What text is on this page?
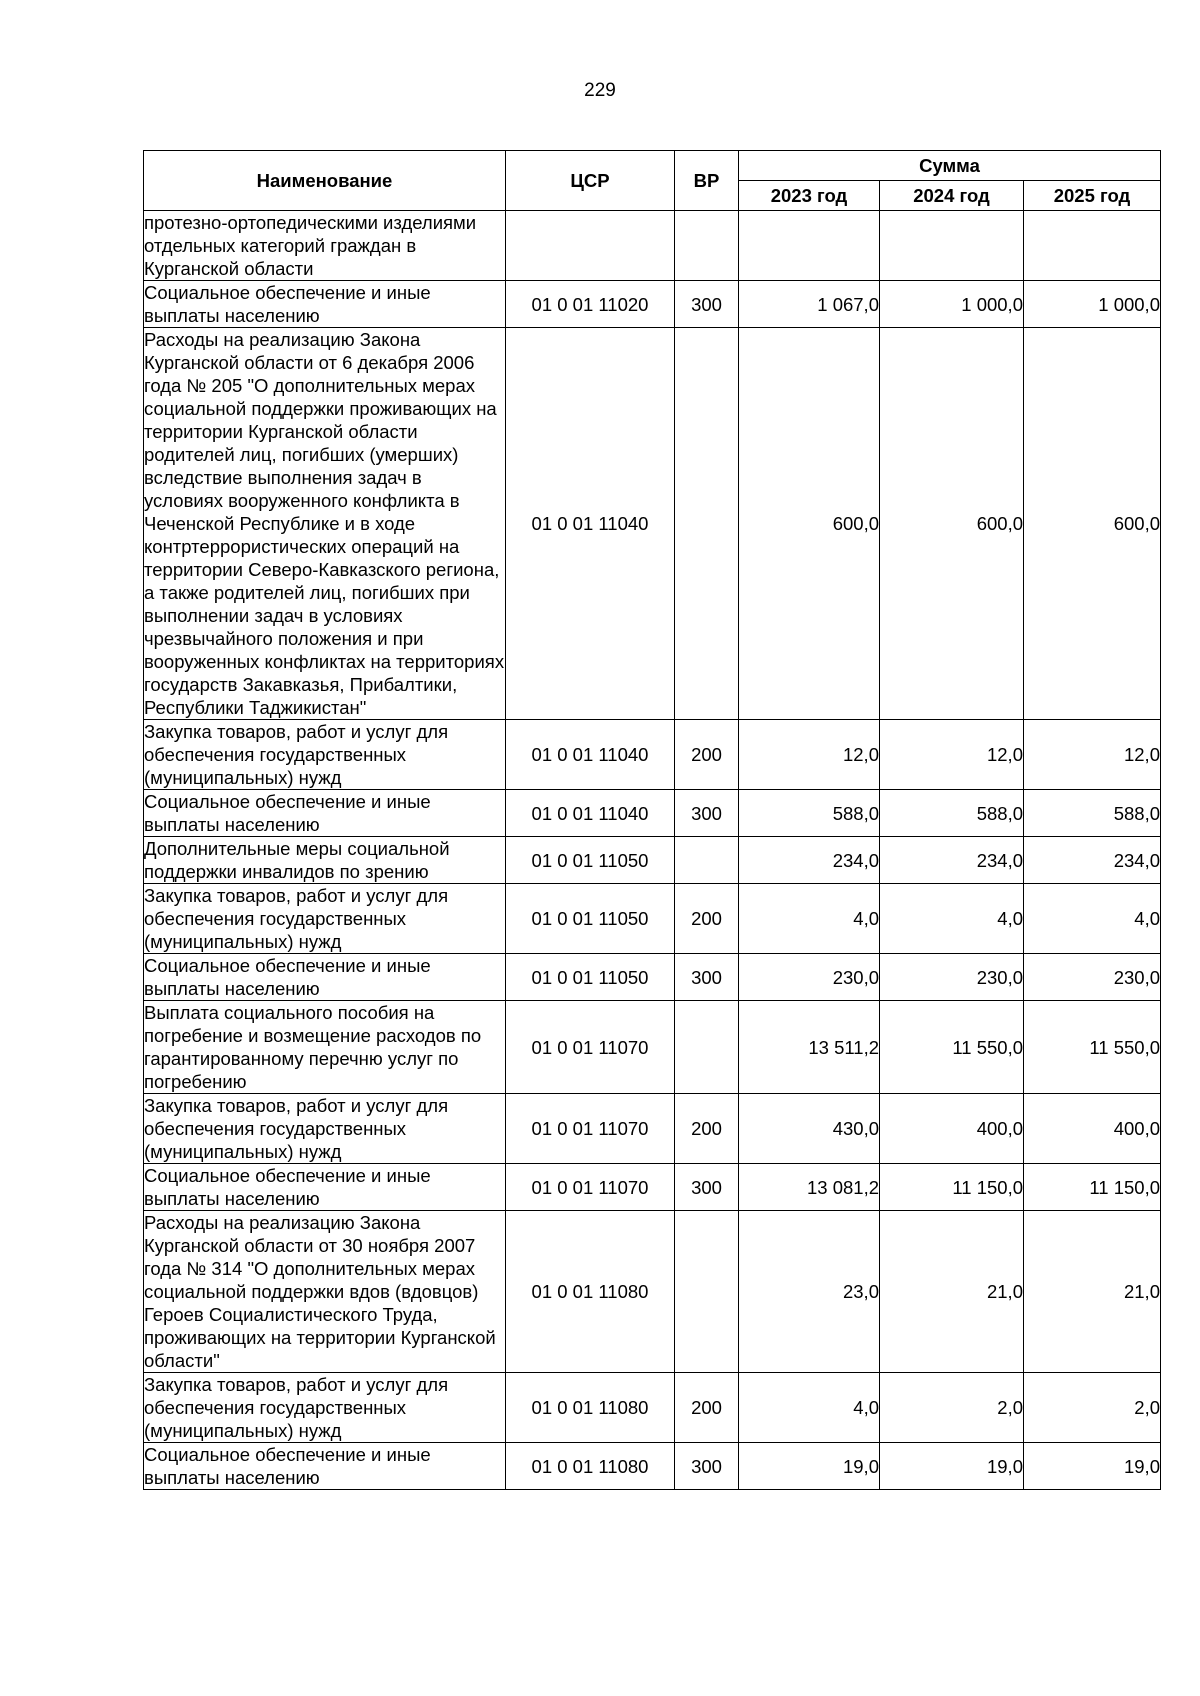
229
Наименование	ЦСР	ВР	Сумма		
			2023 год	2024 год	2025 год
протезно-ортопедическими изделиями отдельных категорий граждан в Курганской области					
Социальное обеспечение и иные выплаты населению	01 0 01 11020	300	1 067,0	1 000,0	1 000,0
Расходы на реализацию Закона Курганской области от 6 декабря 2006 года № 205 "О дополнительных мерах социальной поддержки проживающих на территории Курганской области родителей лиц, погибших (умерших) вследствие выполнения задач в условиях вооруженного конфликта в Чеченской Республике и в ходе контртеррористических операций на территории Северо-Кавказского региона, а также родителей лиц, погибших при выполнении задач в условиях чрезвычайного положения и при вооруженных конфликтах на территориях государств Закавказья, Прибалтики, Республики Таджикистан"	01 0 01 11040		600,0	600,0	600,0
Закупка товаров, работ и услуг для обеспечения государственных (муниципальных) нужд	01 0 01 11040	200	12,0	12,0	12,0
Социальное обеспечение и иные выплаты населению	01 0 01 11040	300	588,0	588,0	588,0
Дополнительные меры социальной поддержки инвалидов по зрению	01 0 01 11050		234,0	234,0	234,0
Закупка товаров, работ и услуг для обеспечения государственных (муниципальных) нужд	01 0 01 11050	200	4,0	4,0	4,0
Социальное обеспечение и иные выплаты населению	01 0 01 11050	300	230,0	230,0	230,0
Выплата социального пособия на погребение и возмещение расходов по гарантированному перечню услуг по погребению	01 0 01 11070		13 511,2	11 550,0	11 550,0
Закупка товаров, работ и услуг для обеспечения государственных (муниципальных) нужд	01 0 01 11070	200	430,0	400,0	400,0
Социальное обеспечение и иные выплаты населению	01 0 01 11070	300	13 081,2	11 150,0	11 150,0
Расходы на реализацию Закона Курганской области от 30 ноября 2007 года № 314 "О дополнительных мерах социальной поддержки вдов (вдовцов) Героев Социалистического Труда, проживающих на территории Курганской области"	01 0 01 11080		23,0	21,0	21,0
Закупка товаров, работ и услуг для обеспечения государственных (муниципальных) нужд	01 0 01 11080	200	4,0	2,0	2,0
Социальное обеспечение и иные выплаты населению	01 0 01 11080	300	19,0	19,0	19,0
